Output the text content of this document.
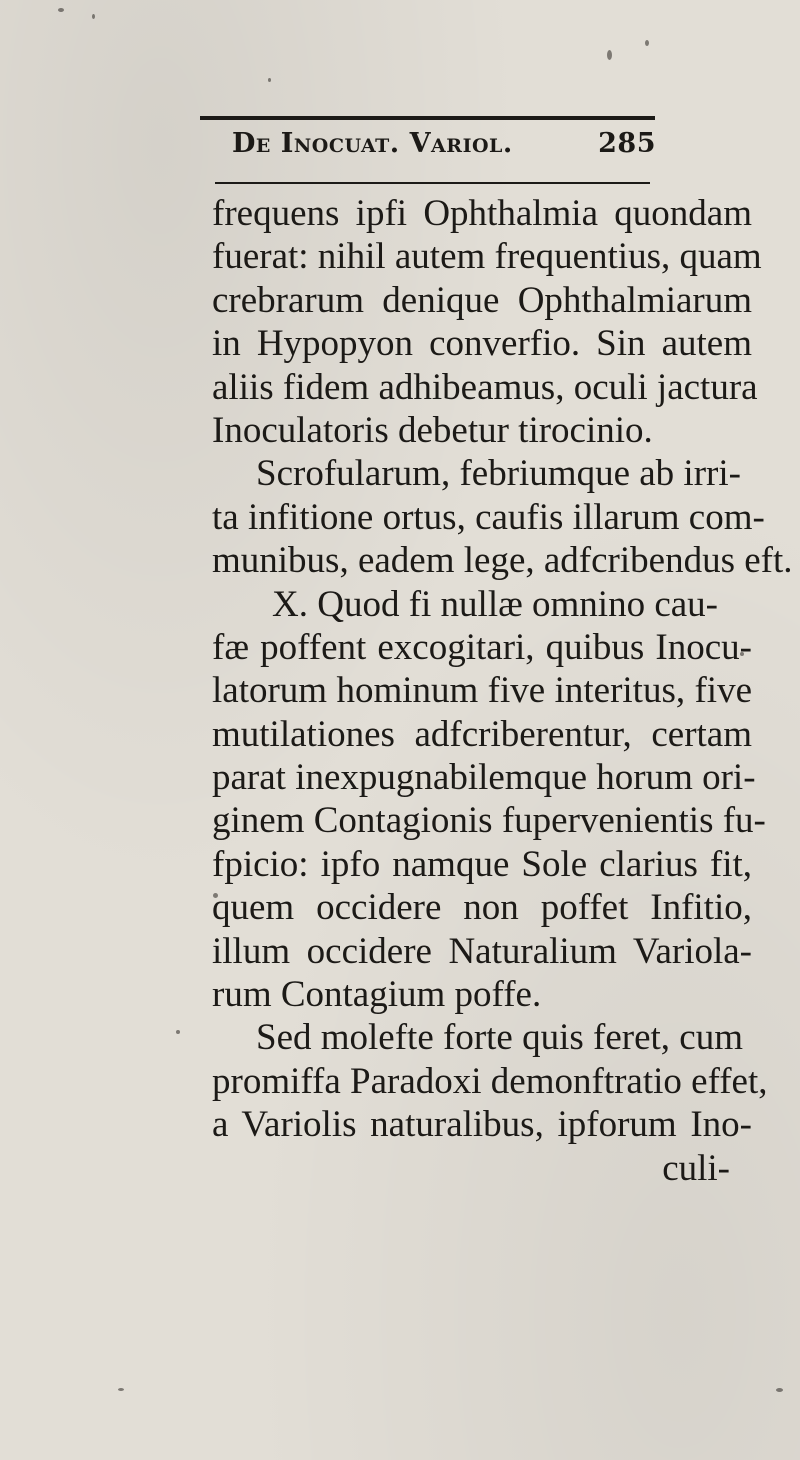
De Inocuat. Variol.	285
frequens ipfi Ophthalmia quondam
fuerat: nihil autem frequentius, quam
crebrarum denique Ophthalmiarum
in Hypopyon converfio. Sin autem
aliis fidem adhibeamus, oculi jactura
Inoculatoris debetur tirocinio.
Scrofularum, febriumque ab irri-
ta infitione ortus, caufis illarum com-
munibus, eadem lege, adfcribendus eft.
X. Quod fi nullæ omnino cau-
fæ poffent excogitari, quibus Inocu-
latorum hominum five interitus, five
mutilationes adfcriberentur, certam
parat inexpugnabilemque horum ori-
ginem Contagionis fupervenientis fu-
fpicio: ipfo namque Sole clarius fit,
quem occidere non poffet Infitio,
illum occidere Naturalium Variola-
rum Contagium poffe.
Sed molefte forte quis feret, cum
promiffa Paradoxi demonftratio effet,
a Variolis naturalibus, ipforum Ino-
culi-
